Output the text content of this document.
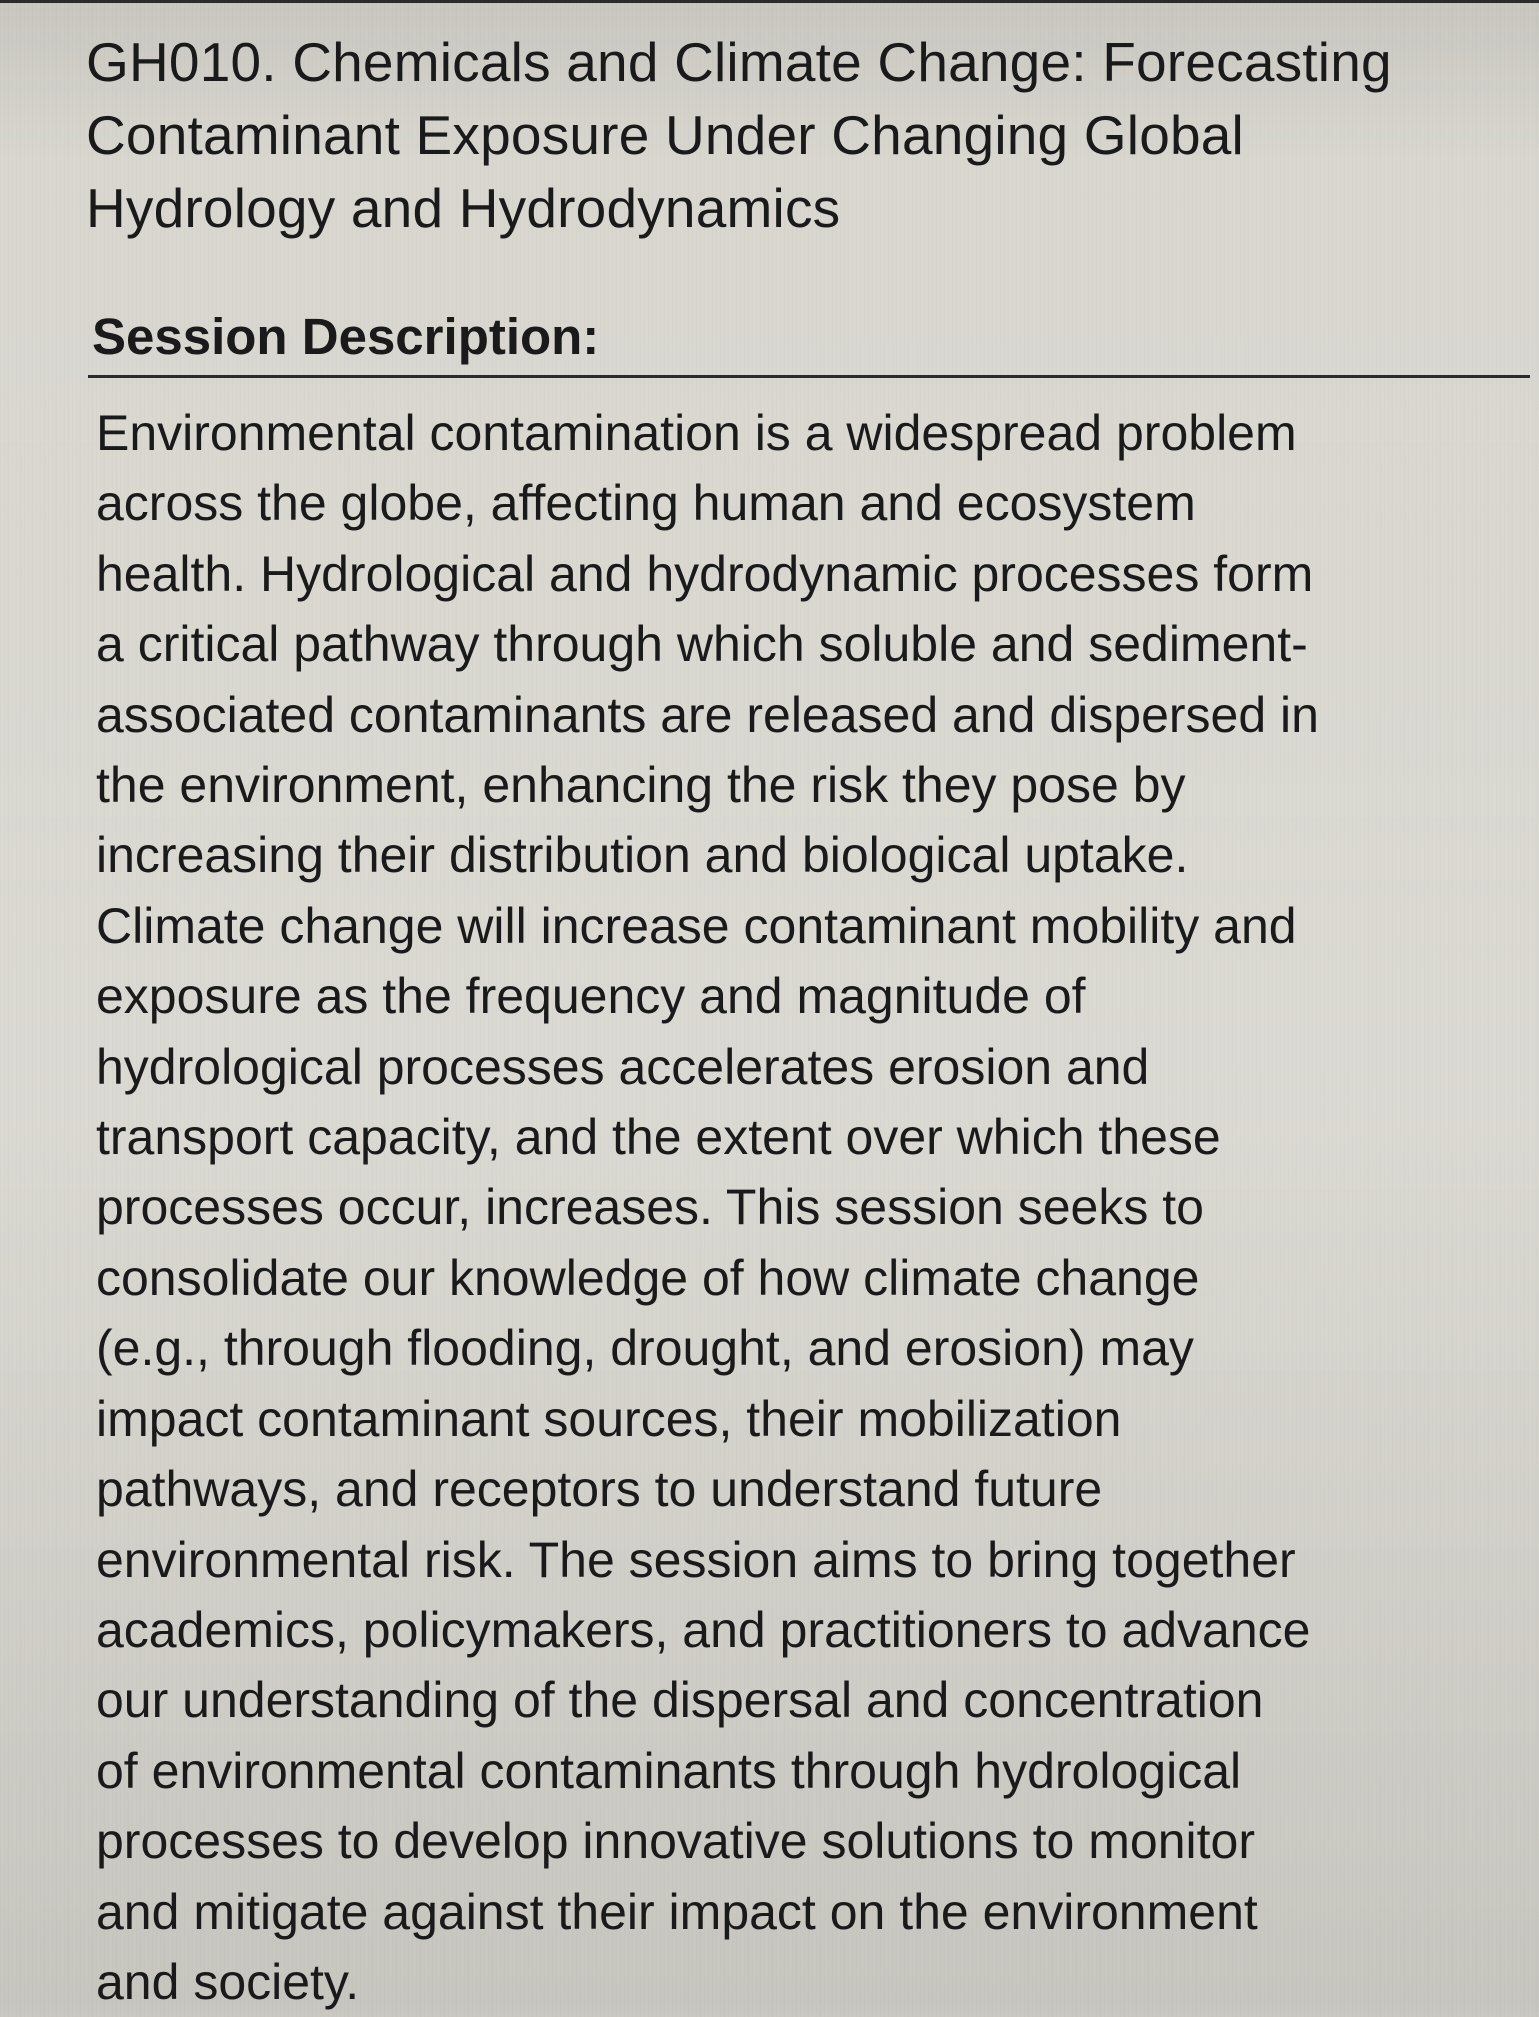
GH010. Chemicals and Climate Change: Forecasting
Contaminant Exposure Under Changing Global
Hydrology and Hydrodynamics
Session Description:

Environmental contamination is a widespread problem
across the globe, affecting human and ecosystem
health. Hydrological and hydrodynamic processes form
a critical pathway through which soluble and sediment-
associated contaminants are released and dispersed in
the environment, enhancing the risk they pose by
increasing their distribution and biological uptake.
Climate change will increase contaminant mobility and
exposure as the frequency and magnitude of
hydrological processes accelerates erosion and
transport capacity, and the extent over which these
processes occur, increases. This session seeks to
consolidate our knowledge of how climate change
(e.g., through flooding, drought, and erosion) may
impact contaminant sources, their mobilization
pathways, and receptors to understand future
environmental risk. The session aims to bring together
academics, policymakers, and practitioners to advance
our understanding of the dispersal and concentration
of environmental contaminants through hydrological
processes to develop innovative solutions to monitor
and mitigate against their impact on the environment
and society.
